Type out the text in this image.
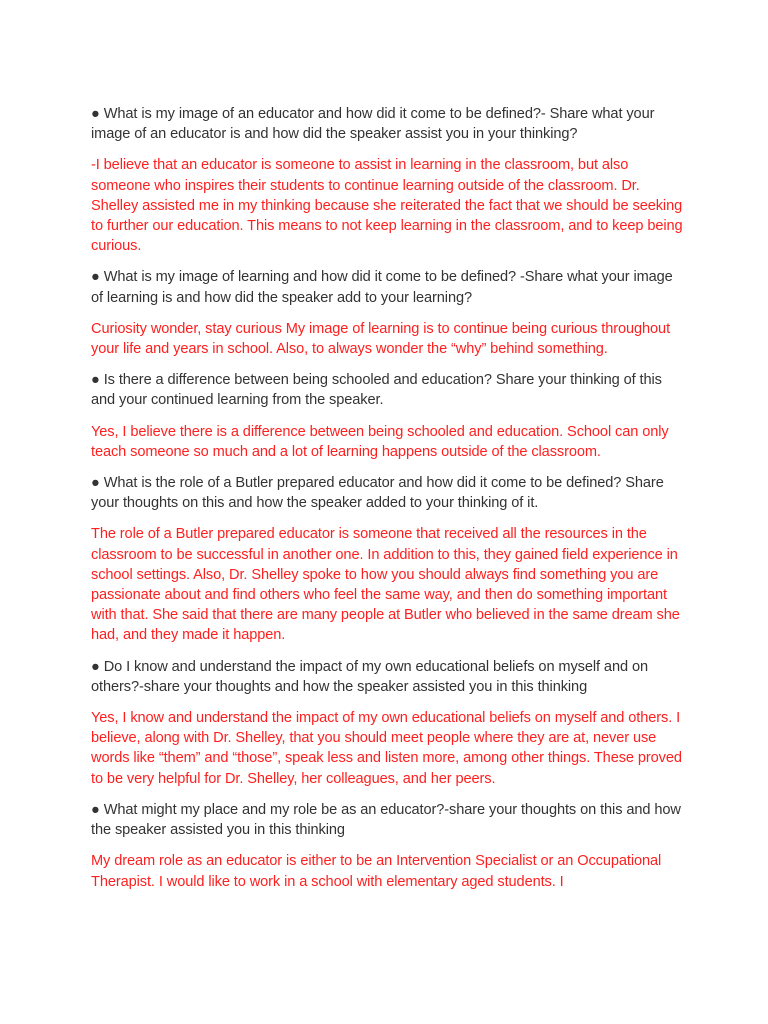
● What is my image of an educator and how did it come to be defined?- Share what your image of an educator is and how did the speaker assist you in your thinking?

-I believe that an educator is someone to assist in learning in the classroom, but also someone who inspires their students to continue learning outside of the classroom. Dr. Shelley assisted me in my thinking because she reiterated the fact that we should be seeking to further our education. This means to not keep learning in the classroom, and to keep being curious.

● What is my image of learning and how did it come to be defined? -Share what your image of learning is and how did the speaker add to your learning?

Curiosity wonder, stay curious My image of learning is to continue being curious throughout your life and years in school. Also, to always wonder the “why” behind something.

● Is there a difference between being schooled and education? Share your thinking of this and your continued learning from the speaker.

Yes, I believe there is a difference between being schooled and education. School can only teach someone so much and a lot of learning happens outside of the classroom.

● What is the role of a Butler prepared educator and how did it come to be defined? Share your thoughts on this and how the speaker added to your thinking of it.

The role of a Butler prepared educator is someone that received all the resources in the classroom to be successful in another one. In addition to this, they gained field experience in school settings. Also, Dr. Shelley spoke to how you should always find something you are passionate about and find others who feel the same way, and then do something important with that. She said that there are many people at Butler who believed in the same dream she had, and they made it happen.

● Do I know and understand the impact of my own educational beliefs on myself and on others?-share your thoughts and how the speaker assisted you in this thinking

Yes, I know and understand the impact of my own educational beliefs on myself and others. I believe, along with Dr. Shelley, that you should meet people where they are at, never use words like “them” and “those”, speak less and listen more, among other things. These proved to be very helpful for Dr. Shelley, her colleagues, and her peers.

● What might my place and my role be as an educator?-share your thoughts on this and how the speaker assisted you in this thinking

My dream role as an educator is either to be an Intervention Specialist or an Occupational Therapist. I would like to work in a school with elementary aged students. I
